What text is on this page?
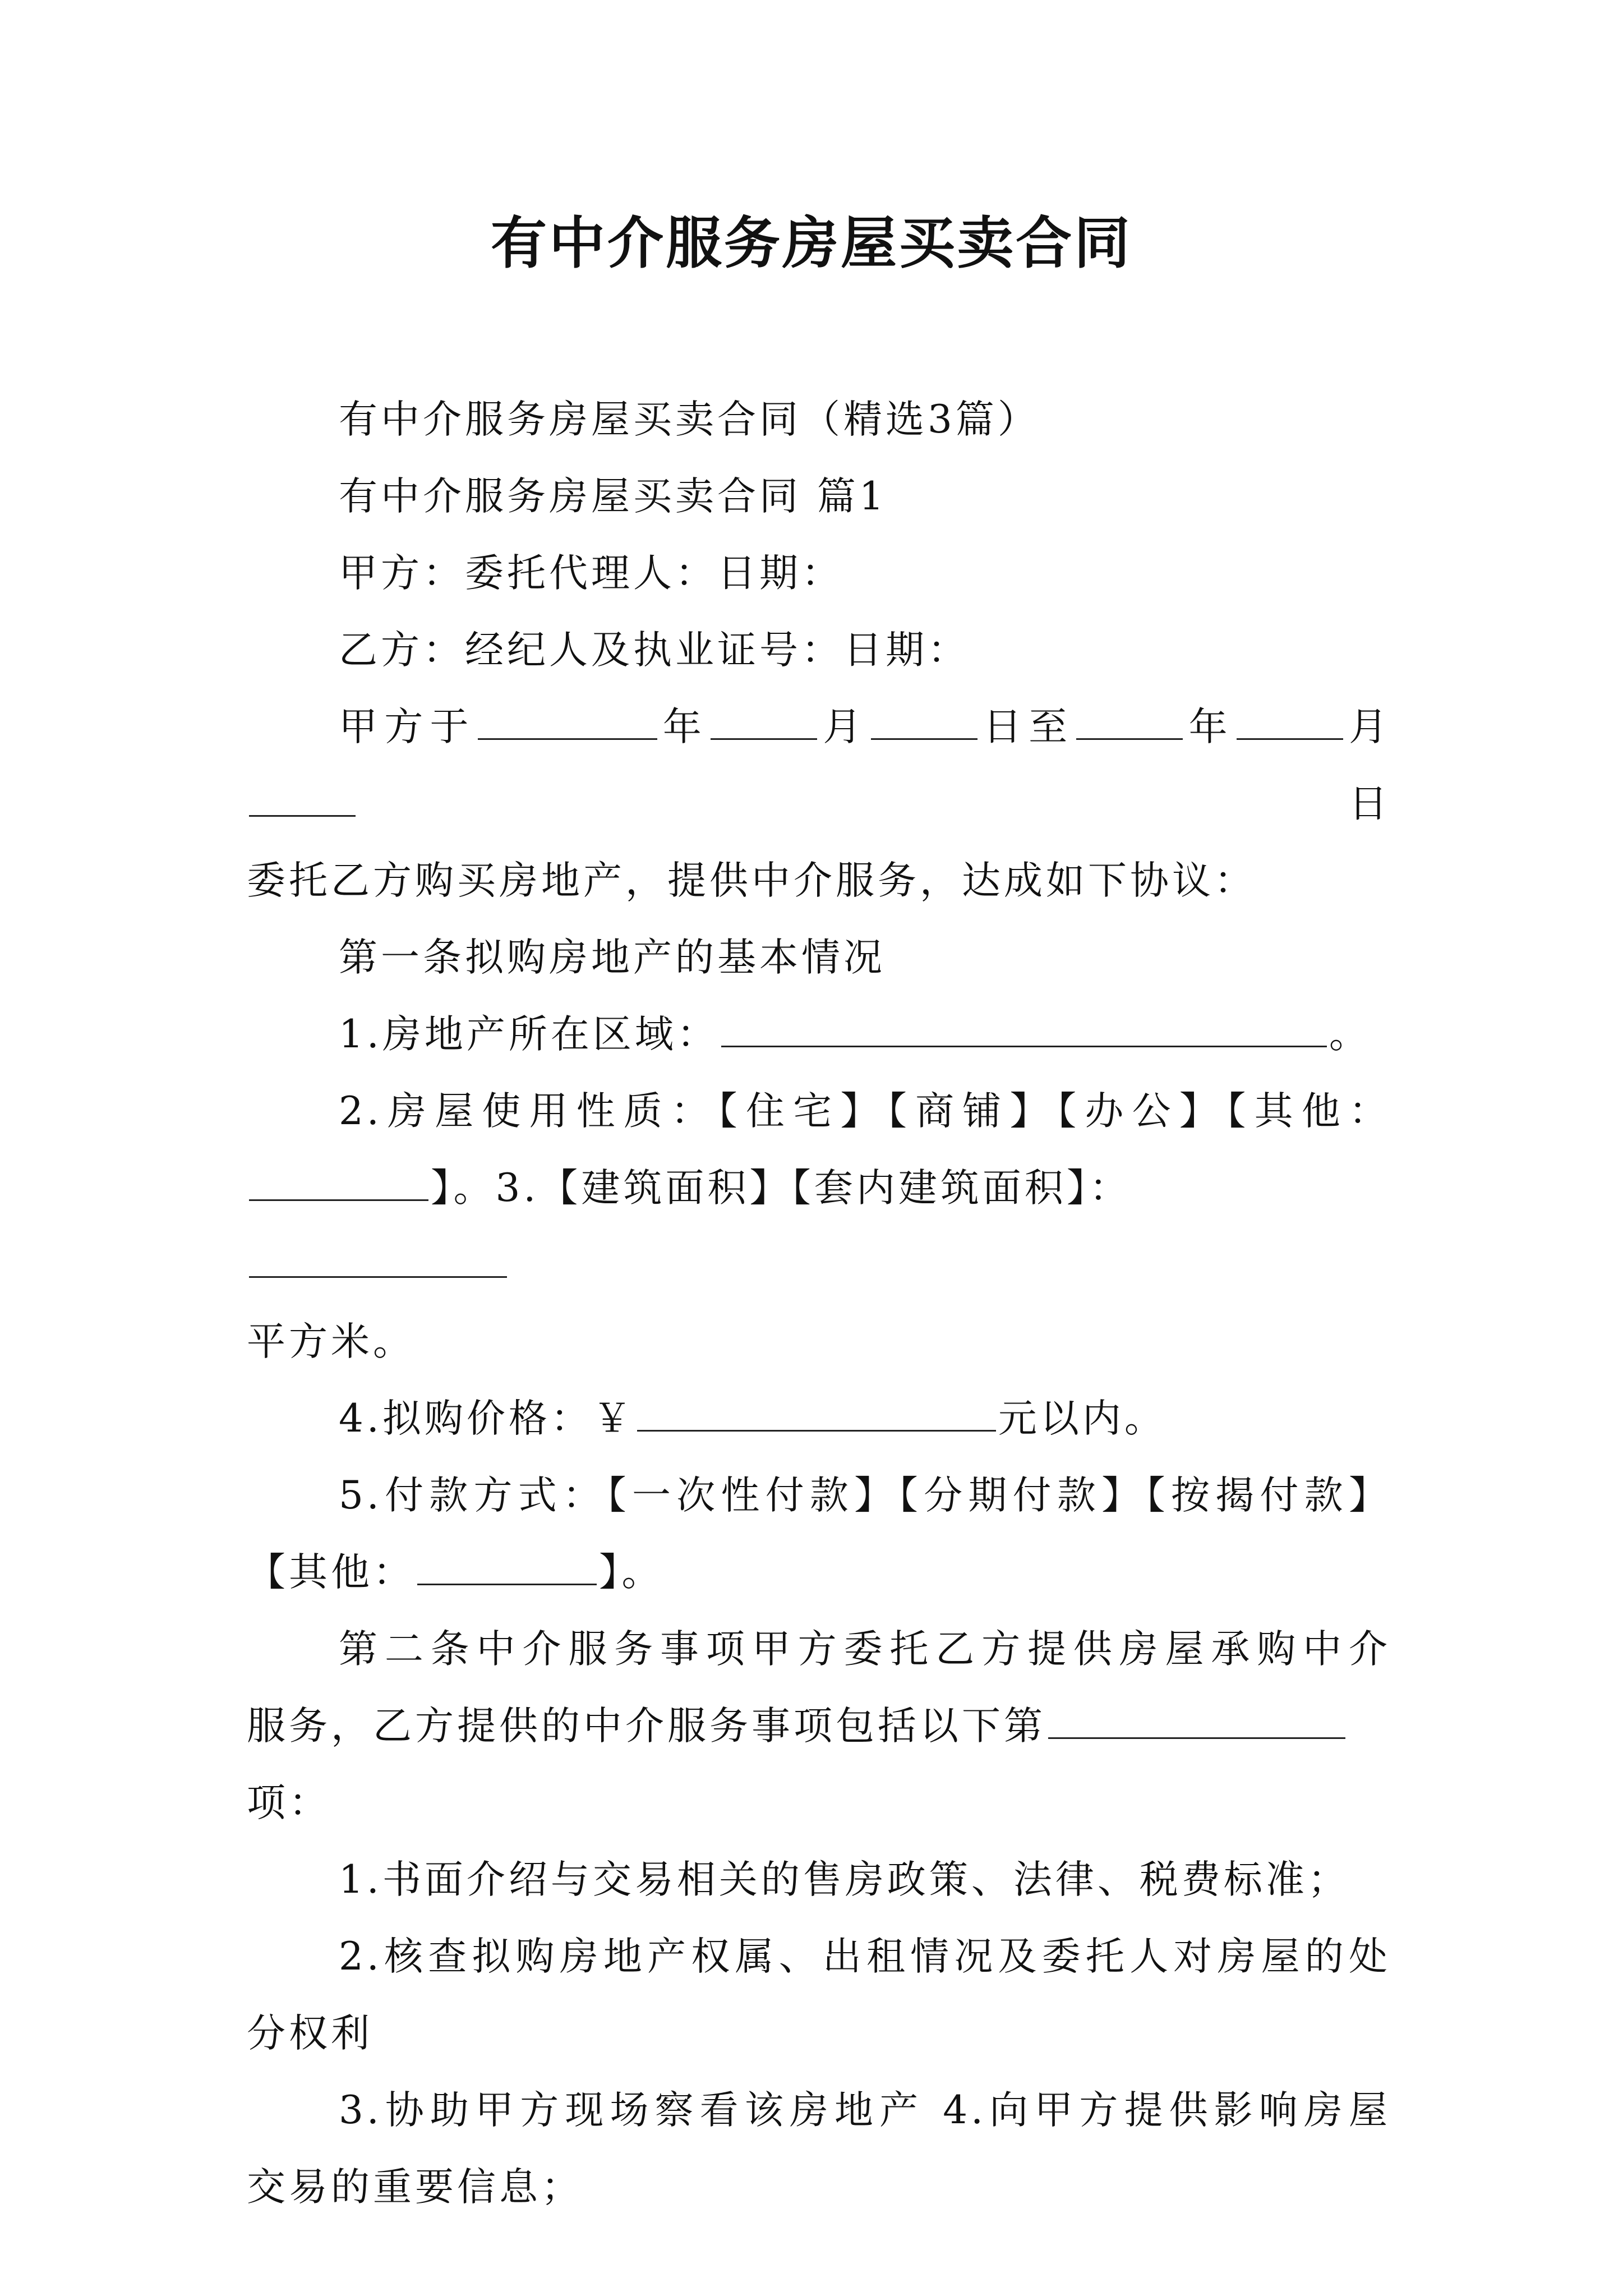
有中介服务房屋买卖合同

有中介服务房屋买卖合同（精选3篇）

有中介服务房屋买卖合同 篇1

甲方：委托代理人：日期：

乙方：经纪人及执业证号：日期：

甲方于	年	月	日至	年	月日

委托乙方购买房地产，提供中介服务，达成如下协议：

第一条拟购房地产的基本情况

1.房地产所在区域：	。

2.房屋使用性质：【住宅】【商铺】【办公】【其他：

】。3.【建筑面积】【套内建筑面积】：

平方米。

4.拟购价格：￥	元以内。

5.付款方式：【一次性付款】【分期付款】【按揭付款】

【其他：	】。

第二条中介服务事项甲方委托乙方提供房屋承购中介

服务，乙方提供的中介服务事项包括以下第

项：

1.书面介绍与交易相关的售房政策、法律、税费标准；

2.核查拟购房地产权属、出租情况及委托人对房屋的处

分权利

3.协助甲方现场察看该房地产 4.向甲方提供影响房屋

交易的重要信息；
